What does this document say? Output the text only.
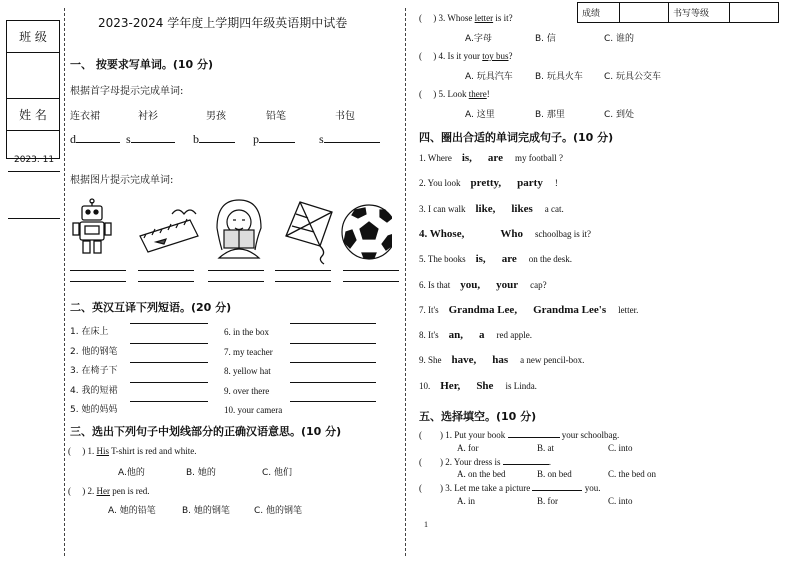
班 级

姓 名

2023. 11
2023-2024 学年度上学期四年级英语期中试卷
成绩		书写等级	
一、 按要求写单词。(10 分)
根据首字母提示完成单词:
连衣裙	衬衫	男孩	铅笔	书包
d	s	b	p	s
根据图片提示完成单词:
二、英汉互译下列短语。(20 分)
1. 在床上
2. 他的钢笔
3. 在椅子下
4. 我的短裙
5. 她的妈妈
6. in the box
7. my teacher
8. yellow hat
9. over there
10. your camera
三、选出下列句子中划线部分的正确汉语意思。(10 分)
(     ) 1. His T-shirt is red and white.
A.他的	B. 她的	C. 他们
(     ) 2. Her pen is red.
A. 她的铅笔	B. 她的钢笔	C. 他的钢笔
(     ) 3. Whose letter is it?
A.字母	B. 信	C. 谁的
(     ) 4. Is it your toy bus?
A. 玩具汽车 B. 玩具火车 C. 玩具公交车
(     ) 5. Look there!
A. 这里	B. 那里	C. 到处
四、圈出合适的单词完成句子。(10 分)
1. Where is, are my football ?
2. You look pretty, party !
3. I can walk like, likes a cat.
4. Whose,	Who schoolbag is it?
5. The books is, are on the desk.
6. Is that you, your cap?
7. It's Grandma Lee, Grandma Lee's letter.
8. It's an, a red apple.
9. She have, has a new pencil-box.
10. Her, She is Linda.
五、选择填空。(10 分)
(        ) 1. Put your book	your schoolbag.
A. for	B. at	C. into
(        ) 2. Your dress is	.
A. on the bed	B. on bed	C. the bed on
(        ) 3. Let me take a picture	you.
A. in	B. for	C. into
1
